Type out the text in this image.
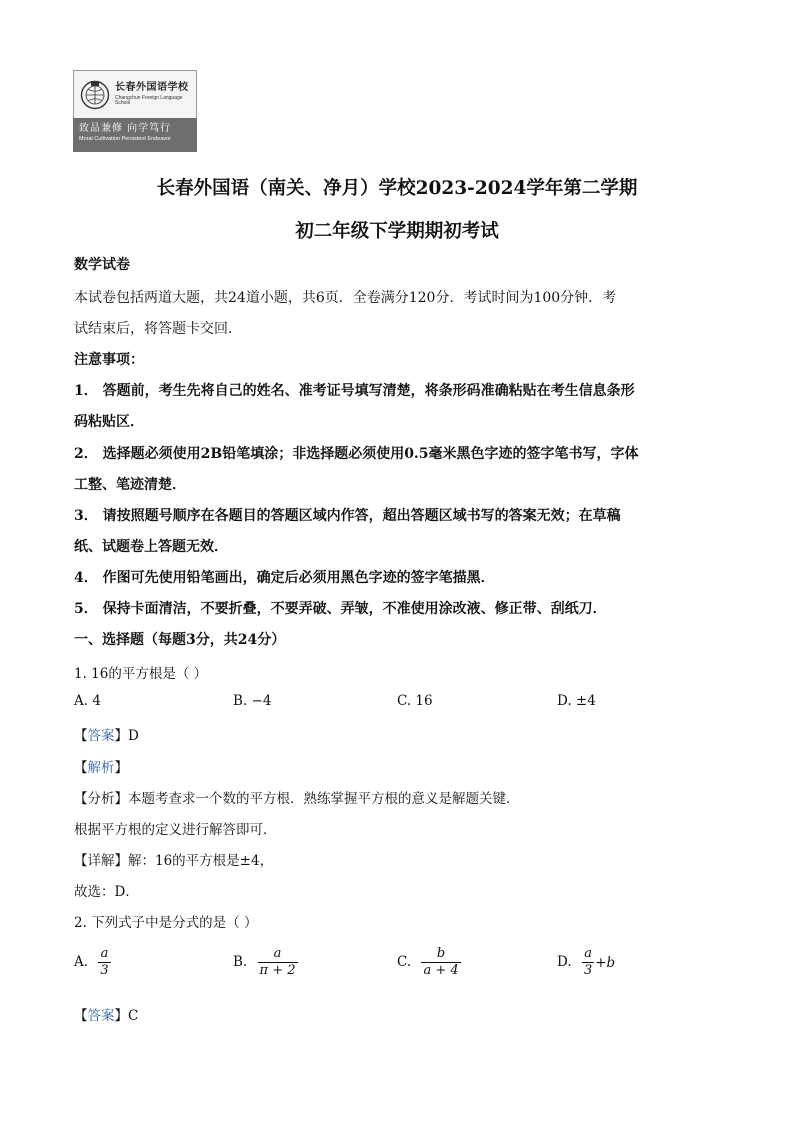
长春外国语学校
Changchun Foreign Language School
致品兼修 向学笃行
Moral Cultivation Persistent Endeavor
长春外国语（南关、净月）学校2023-2024学年第二学期
初二年级下学期期初考试
数学试卷
本试卷包括两道大题，共24道小题，共6页．全卷满分120分．考试时间为100分钟．考
试结束后，将答题卡交回．
注意事项：
1． 答题前，考生先将自己的姓名、准考证号填写清楚，将条形码准确粘贴在考生信息条形
码粘贴区．
2． 选择题必须使用2B铅笔填涂；非选择题必须使用0.5毫米黑色字迹的签字笔书写，字体
工整、笔迹清楚．
3． 请按照题号顺序在各题目的答题区域内作答，超出答题区域书写的答案无效；在草稿
纸、试题卷上答题无效．
4． 作图可先使用铅笔画出，确定后必须用黑色字迹的签字笔描黑．
5． 保持卡面清洁，不要折叠，不要弄破、弄皱，不准使用涂改液、修正带、刮纸刀．
一、选择题（每题3分，共24分）
1. 16的平方根是（ ）
A. 4	B. −4	C. 16	D. ±4
【答案】D
【解析】
【分析】本题考查求一个数的平方根．熟练掌握平方根的意义是解题关键．
根据平方根的定义进行解答即可．
【详解】解：16的平方根是±4，
故选：D．
2. 下列式子中是分式的是（ ）
A. $\frac{a}{3}$	B. $\frac{a}{\pi + 2}$	C. $\frac{b}{a + 4}$	D. $\frac{a}{3} +b$
【答案】C
